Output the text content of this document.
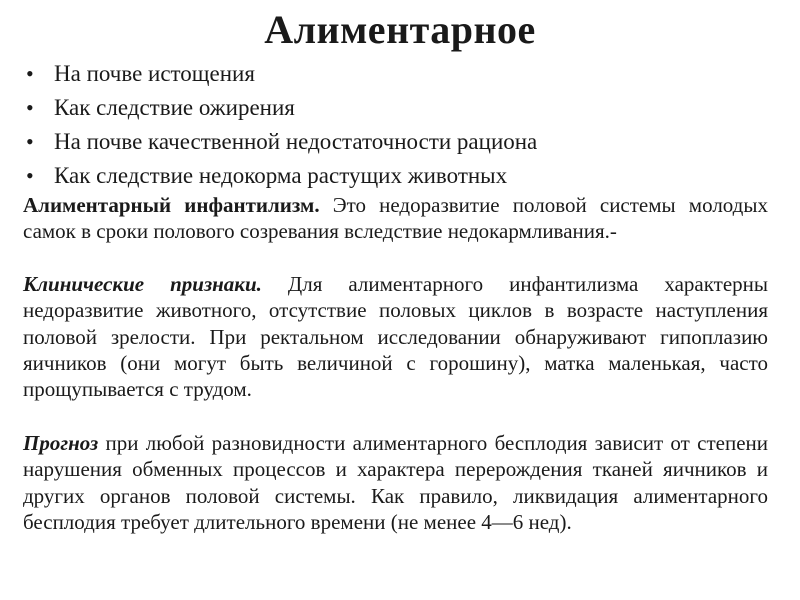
Алиментарное
• На почве истощения
• Как следствие ожирения
• На почве качественной недостаточности рациона
• Как следствие недокорма растущих животных

Алиментарный инфантилизм. Это недоразвитие половой системы молодых самок в сроки полового созревания вследствие недокармливания.-

Клинические признаки. Для алиментарного инфантилизма характерны недоразвитие животного, отсутствие половых циклов в возрасте наступления половой зрелости. При ректальном исследовании обнаруживают гипоплазию яичников (они могут быть величиной с горошину), матка маленькая, часто прощупывается с трудом.

Прогноз при любой разновидности алиментарного бесплодия зависит от степени нарушения обменных процессов и характера перерождения тканей яичников и других органов половой системы. Как правило, ликвидация алиментарного бесплодия требует длительного времени (не менее 4—6 нед).
